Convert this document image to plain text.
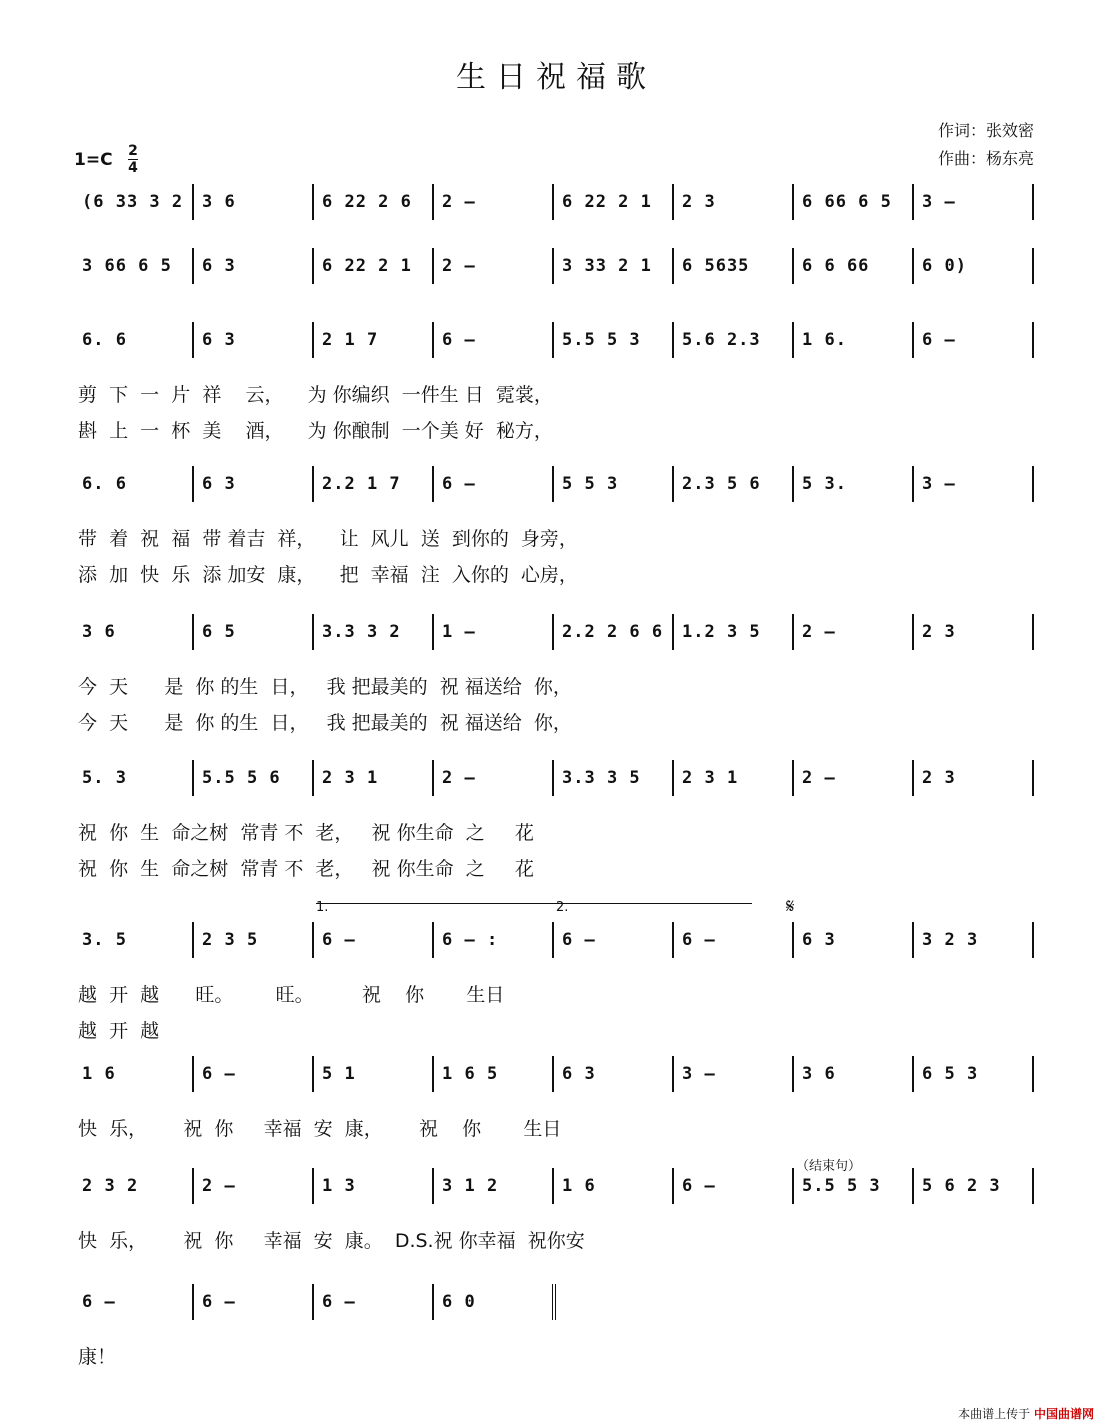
生日祝福歌
作词：张效密
作曲：杨东亮
1=C 2
4
1.	2.	𝄋
（结束句）
(6 33 3 2 3 6	6 22 2 6 2 –	6 22 2 1 2 3	6 66 6 5 3 –
3 66 6 5 6 3	6 22 2 1 2 –	3 33 2 1 6 5635	6 6 66	6 0)
6. 6	6 3	2 1 7	6 –	5.5 5 3 5.6 2.3 1 6.	6 –
剪  下  一  片  祥    云，    为 你编织  一件生 日  霓裳，
斟  上  一  杯  美    酒，    为 你酿制  一个美 好  秘方，
6. 6	6 3	2.2 1 7 6 –	5 5 3	2.3 5 6 5 3.	3 –
带  着  祝  福  带 着吉  祥，    让  风儿  送  到你的  身旁，
添  加  快  乐  添 加安  康，    把  幸福  注  入你的  心房，
3 6	6 5	3.3 3 2 1 –	2.2 2 6 6 1.2 3 5 2 –	2 3
今  天      是  你 的生  日，   我 把最美的  祝 福送给  你，
今  天      是  你 的生  日，   我 把最美的  祝 福送给  你，
5. 3	5.5 5 6 2 3 1	2 –	3.3 3 5 2 3 1	2 –	2 3
祝  你  生  命之树  常青 不  老，   祝 你生命  之     花
祝  你  生  命之树  常青 不  老，   祝 你生命  之     花
3. 5	2 3 5	6 –	6 – :	6 –	6 –	6 3	3 2 3
越  开  越      旺。       旺。        祝    你       生日
越  开  越
1 6	6 –	5 1	1 6 5	6 3	3 –	3 6	6 5 3
快  乐，      祝  你     幸福  安  康，      祝    你       生日
2 3 2	2 –	1 3	3 1 2	1 6	6 –	5.5 5 3 5 6 2 3
快  乐，      祝  你     幸福  安  康。  D.S.祝 你幸福  祝你安
6 –	6 –	6 –	6 0
康！
本曲谱上传于 中国曲谱网
